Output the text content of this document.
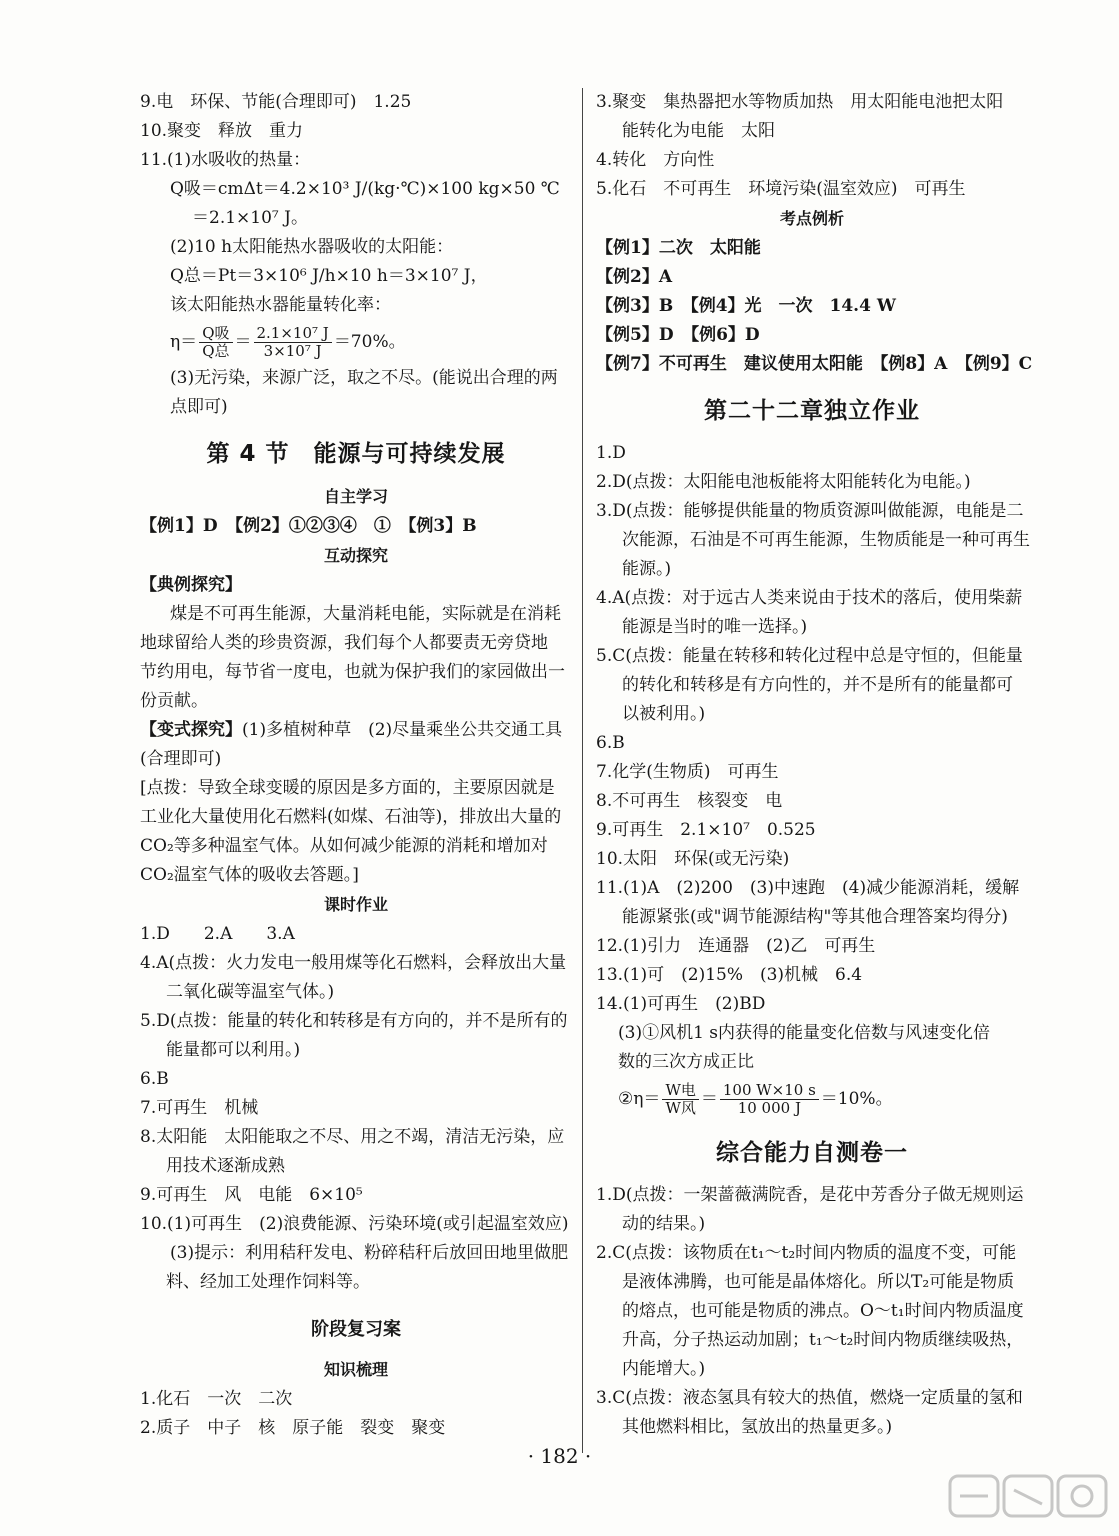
9.电　环保、节能(合理即可)　1.25
10.聚变　释放　重力
11.(1)水吸收的热量：
Q吸＝cmΔt＝4.2×10³ J/(kg·℃)×100 kg×50 ℃
＝2.1×10⁷ J。
(2)10 h太阳能热水器吸收的太阳能：
Q总＝Pt＝3×10⁶ J/h×10 h＝3×10⁷ J，
该太阳能热水器能量转化率：
$\eta= \frac{\text{Q吸}}{\text{Q总}} = \frac{\text{2.1×10⁷ J}}{\text{3×10⁷ J}} =70\%$。
(3)无污染，来源广泛，取之不尽。(能说出合理的两
点即可)
第 4 节　能源与可持续发展
自主学习
【例1】D　【例2】①②③④　①　【例3】B
互动探究
【典例探究】
煤是不可再生能源，大量消耗电能，实际就是在消耗
地球留给人类的珍贵资源，我们每个人都要责无旁贷地
节约用电，每节省一度电，也就为保护我们的家园做出一
份贡献。
【变式探究】(1)多植树种草　(2)尽量乘坐公共交通工具
(合理即可)
[点拨：导致全球变暖的原因是多方面的，主要原因就是
工业化大量使用化石燃料(如煤、石油等)，排放出大量的
CO₂等多种温室气体。从如何减少能源的消耗和增加对
CO₂温室气体的吸收去答题。]
课时作业
1.D　　2.A　　3.A
4.A(点拨：火力发电一般用煤等化石燃料，会释放出大量
二氧化碳等温室气体。)
5.D(点拨：能量的转化和转移是有方向的，并不是所有的
能量都可以利用。)
6.B
7.可再生　机械
8.太阳能　太阳能取之不尽、用之不竭，清洁无污染，应
用技术逐渐成熟
9.可再生　风　电能　6×10⁵
10.(1)可再生　(2)浪费能源、污染环境(或引起温室效应)
(3)提示：利用秸秆发电、粉碎秸秆后放回田地里做肥
料、经加工处理作饲料等。
阶段复习案
知识梳理
1.化石　一次　二次
2.质子　中子　核　原子能　裂变　聚变
3.聚变　集热器把水等物质加热　用太阳能电池把太阳
能转化为电能　太阳
4.转化　方向性
5.化石　不可再生　环境污染(温室效应)　可再生
考点例析
【例1】二次　太阳能
【例2】A
【例3】B　【例4】光　一次　14.4 W
【例5】D　【例6】D
【例7】不可再生　建议使用太阳能　【例8】A　【例9】C
第二十二章独立作业
1.D
2.D(点拨：太阳能电池板能将太阳能转化为电能。)
3.D(点拨：能够提供能量的物质资源叫做能源，电能是二
次能源，石油是不可再生能源，生物质能是一种可再生
能源。)
4.A(点拨：对于远古人类来说由于技术的落后，使用柴薪
能源是当时的唯一选择。)
5.C(点拨：能量在转移和转化过程中总是守恒的，但能量
的转化和转移是有方向性的，并不是所有的能量都可
以被利用。)
6.B
7.化学(生物质)　可再生
8.不可再生　核裂变　电
9.可再生　2.1×10⁷　0.525
10.太阳　环保(或无污染)
11.(1)A　(2)200　(3)中速跑　(4)减少能源消耗，缓解
能源紧张(或"调节能源结构"等其他合理答案均得分)
12.(1)引力　连通器　(2)乙　可再生
13.(1)可　(2)15%　(3)机械　6.4
14.(1)可再生　(2)BD
(3)①风机1 s内获得的能量变化倍数与风速变化倍
数的三次方成正比
②η＝ $\frac{\text{W电}}{\text{W风}} = \frac{100 W\times 10 s}{10 000 J} =10\%$。
综合能力自测卷一
1.D(点拨：一架蔷薇满院香，是花中芳香分子做无规则运
动的结果。)
2.C(点拨：该物质在t₁～t₂时间内物质的温度不变，可能
是液体沸腾，也可能是晶体熔化。所以T₂可能是物质
的熔点，也可能是物质的沸点。O～t₁时间内物质温度
升高，分子热运动加剧；t₁～t₂时间内物质继续吸热，
内能增大。)
3.C(点拨：液态氢具有较大的热值，燃烧一定质量的氢和
其他燃料相比，氢放出的热量更多。)
· 182 ·
